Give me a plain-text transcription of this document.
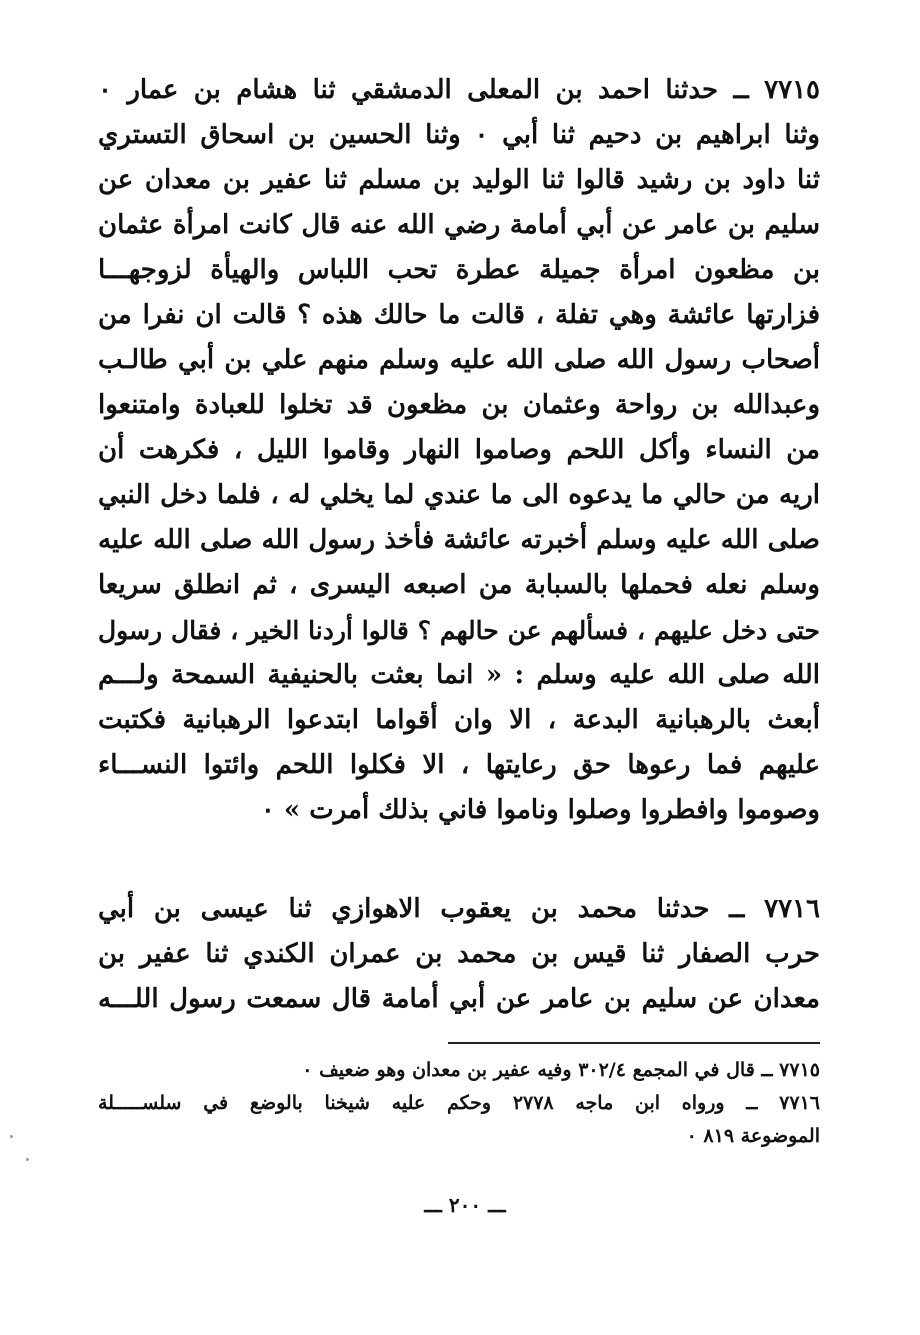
٧٧١٥ ــ حدثنا احمد بن المعلى الدمشقي ثنا هشام بن عمار ٠
وثنا ابراهيم بن دحيم ثنا أبي ٠ وثنا الحسين بن اسحاق التستري
ثنا داود بن رشيد قالوا ثنا الوليد بن مسلم ثنا عفير بن معدان عن
سليم بن عامر عن أبي أمامة رضي الله عنه قال كانت امرأة عثمان
بن مظعون امرأة جميلة عطرة تحب اللباس والهيأة لزوجهـــا
فزارتها عائشة وهي تفلة ، قالت ما حالك هذه ؟ قالت ان نفرا من
أصحاب رسول الله صلى الله عليه وسلم منهم علي بن أبي طالـب
وعبدالله بن رواحة وعثمان بن مظعون قد تخلوا للعبادة وامتنعوا
من النساء وأكل اللحم وصاموا النهار وقاموا الليل ، فكرهت أن
اريه من حالي ما يدعوه الى ما عندي لما يخلي له ، فلما دخل النبي
صلى الله عليه وسلم أخبرته عائشة فأخذ رسول الله صلى الله عليه
وسلم نعله فحملها بالسبابة من اصبعه اليسرى ، ثم انطلق سريعا
حتى دخل عليهم ، فسألهم عن حالهم ؟ قالوا أردنا الخير ، فقال رسول
الله صلى الله عليه وسلم : « انما بعثت بالحنيفية السمحة ولـــم
أبعث بالرهبانية البدعة ، الا وان أقواما ابتدعوا الرهبانية فكتبت
عليهم فما رعوها حق رعايتها ، الا فكلوا اللحم وائتوا النســـاء
وصوموا وافطروا وصلوا وناموا فاني بذلك أمرت » ٠
٧٧١٦ ــ حدثنا محمد بن يعقوب الاهوازي ثنا عيسى بن أبي
حرب الصفار ثنا قيس بن محمد بن عمران الكندي ثنا عفير بن
معدان عن سليم بن عامر عن أبي أمامة قال سمعت رسول اللـــه
٧٧١٥ ــ قال في المجمع ٣٠٢/٤ وفيه عفير بن معدان وهو ضعيف ٠
٧٧١٦ ــ ورواه ابن ماجه ٢٧٧٨ وحكم عليه شيخنا بالوضع في سلســـــلة
الموضوعة ٨١٩ ٠
ـــ ٢٠٠ ـــ
